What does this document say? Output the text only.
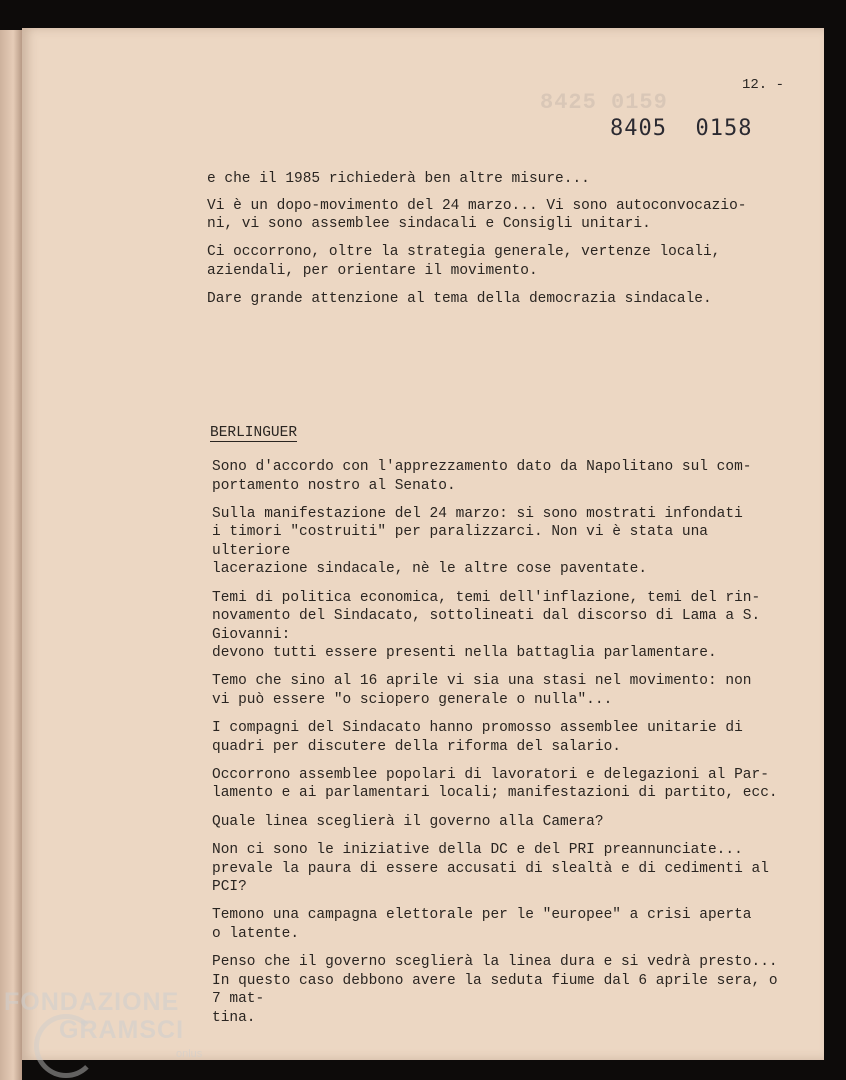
8425 0159
12. -
8405  0158

e che il 1985 richiederà ben altre misure...

Vi è un dopo-movimento del 24 marzo... Vi sono autoconvocazio-
ni, vi sono assemblee sindacali e Consigli unitari.

Ci occorrono, oltre la strategia generale, vertenze locali,
aziendali, per orientare il movimento.

Dare grande attenzione al tema della democrazia sindacale.

BERLINGUER

Sono d'accordo con l'apprezzamento dato da Napolitano sul com-
portamento nostro al Senato.

Sulla manifestazione del 24 marzo: si sono mostrati infondati
i timori "costruiti" per paralizzarci. Non vi è stata una ulteriore
lacerazione sindacale, nè le altre cose paventate.

Temi di politica economica, temi dell'inflazione, temi del rin-
novamento del Sindacato, sottolineati dal discorso di Lama a S. Giovanni:
devono tutti essere presenti nella battaglia parlamentare.

Temo che sino al 16 aprile vi sia una stasi nel movimento: non
vi può essere "o sciopero generale o nulla"...

I compagni del Sindacato hanno promosso assemblee unitarie di
quadri per discutere della riforma del salario.

Occorrono assemblee popolari di lavoratori e delegazioni al Par-
lamento e ai parlamentari locali; manifestazioni di partito, ecc.

Quale linea sceglierà il governo alla Camera?

Non ci sono le iniziative della DC e del PRI preannunciate...
prevale la paura di essere accusati di slealtà e di cedimenti al PCI?

Temono una campagna elettorale per le "europee" a crisi aperta
o latente.

Penso che il governo sceglierà la linea dura e si vedrà presto...
In questo caso debbono avere la seduta fiume dal 6 aprile sera, o 7 mat-
tina.

FONDAZIONE
GRAMSCI
onlus
